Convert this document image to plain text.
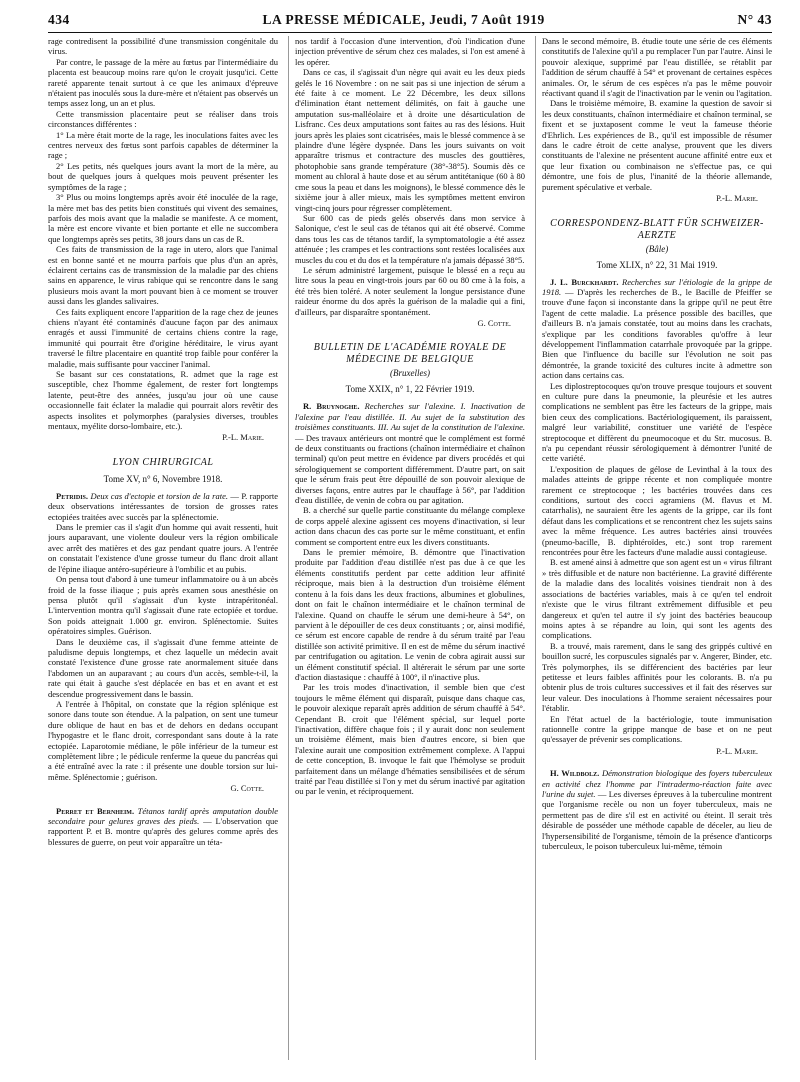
434	LA PRESSE MÉDICALE, Jeudi, 7 Août 1919	N° 43

rage contredisent la possibilité d'une transmission congénitale du virus.

Par contre, le passage de la mère au fœtus par l'intermédiaire du placenta est beaucoup moins rare qu'on le croyait jusqu'ici. Cette rareté apparente tenait surtout à ce que les animaux d'épreuve n'étaient pas inoculés sous la dure-mère et n'étaient pas observés un temps assez long, un an et plus.

Cette transmission placentaire peut se réaliser dans trois circonstances différentes :

1° La mère était morte de la rage, les inoculations faites avec les centres nerveux des fœtus sont parfois capables de déterminer la rage ;

2° Les petits, nés quelques jours avant la mort de la mère, au bout de quelques jours à quelques mois peuvent présenter les symptômes de la rage ;

3° Plus ou moins longtemps après avoir été inoculée de la rage, la mère met bas des petits bien constitués qui vivent des semaines, parfois des mois avant que la maladie se manifeste. A ce moment, la mère est encore vivante et bien portante et elle ne succombera que longtemps après ses petits, 38 jours dans un cas de R.

Ces faits de transmission de la rage in utero, alors que l'animal est en bonne santé et ne mourra parfois que plus d'un an après, éclairent certains cas de transmission de la maladie par des chiens sains en apparence, le virus rabique qui se rencontre dans le sang plusieurs mois avant la mort pouvant bien à ce moment se trouver aussi dans les glandes salivaires.

Ces faits expliquent encore l'apparition de la rage chez de jeunes chiens n'ayant été contaminés d'aucune façon par des animaux enragés et aussi l'immunité de certains chiens contre la rage, immunité qui pourrait être d'origine héréditaire, le virus ayant traversé le filtre placentaire en quantité trop faible pour conférer la maladie, mais suffisante pour vacciner l'animal.

Se basant sur ces constatations, R. admet que la rage est susceptible, chez l'homme également, de rester fort longtemps latente, peut-être des années, jusqu'au jour où une cause occasionnelle fait éclater la maladie qui pourrait alors revêtir des aspects insolites et polymorphes (paralysies diverses, troubles mentaux, myélite dorso-lombaire, etc.).

P.-L. Marie.
LYON CHIRURGICAL
Tome XV, n° 6, Novembre 1918.

Petridis. Deux cas d'ectopie et torsion de la rate. — P. rapporte deux observations intéressantes de torsion de grosses rates ectopiées traitées avec succès par la splénectomie.

Dans le premier cas il s'agit d'un homme qui avait ressenti, huit jours auparavant, une violente douleur vers la région ombilicale avec arrêt des matières et des gaz pendant quatre jours. A l'entrée on constatait l'existence d'une grosse tumeur du flanc droit allant de l'épine iliaque antéro-supérieure à l'ombilic et au pubis.

On pensa tout d'abord à une tumeur inflammatoire ou à un abcès froid de la fosse iliaque ; puis après examen sous anesthésie on pensa plutôt qu'il s'agissait d'un kyste intrapéritonéal. L'intervention montra qu'il s'agissait d'une rate ectopiée et tordue. Son poids atteignait 1.000 gr. environ. Splénectomie. Suites opératoires simples. Guérison.

Dans le deuxième cas, il s'agissait d'une femme atteinte de paludisme depuis longtemps, et chez laquelle un médecin avait constaté l'existence d'une grosse rate anormalement située dans l'abdomen un an auparavant ; au cours d'un accès, semble-t-il, la rate qui était à gauche s'est déplacée en bas et en avant et est descendue progressivement dans le bassin.

A l'entrée à l'hôpital, on constate que la région splénique est sonore dans toute son étendue. A la palpation, on sent une tumeur dure oblique de haut en bas et de dehors en dedans occupant l'hypogastre et le flanc droit, correspondant sans doute à la rate ectopiée. Laparotomie médiane, le pôle inférieur de la tumeur est complètement libre ; le pédicule renferme la queue du pancréas qui a été entraîné avec la rate : il présente une double torsion sur lui-même. Splénectomie ; guérison.

G. Cotte.

Perret et Bernheim. Tétanos tardif après amputation double secondaire pour gelures graves des pieds. — L'observation que rapportent P. et B. montre qu'après des gelures comme après des blessures de guerre, on peut voir apparaître un téta-

nos tardif à l'occasion d'une intervention, d'où l'indication d'une injection préventive de sérum chez ces malades, si l'on est amené à les opérer.

Dans ce cas, il s'agissait d'un nègre qui avait eu les deux pieds gelés le 16 Novembre : on ne sait pas si une injection de sérum a été faite à ce moment. Le 22 Décembre, les deux sillons d'élimination étant nettement délimités, on fait à gauche une amputation sus-malléolaire et à droite une désarticulation de Lisfranc. Ces deux amputations sont faites au ras des lésions. Huit jours après les plaies sont cicatrisées, mais le blessé commence à se plaindre d'une légère dyspnée. Dans les jours suivants on voit apparaître trismus et contracture des muscles des gouttières, photophobie sans grande température (38°-38°5). Soumis dès ce moment au chloral à haute dose et au sérum antitétanique (60 à 80 cme sous la peau et dans les moignons), le blessé commence dès le sixième jour à aller mieux, mais les symptômes mettent environ vingt-cinq jours pour régresser complètement.

Sur 600 cas de pieds gelés observés dans mon service à Salonique, c'est le seul cas de tétanos qui ait été observé. Comme dans tous les cas de tétanos tardif, la symptomatologie a été assez atténuée ; les crampes et les contractions sont restées localisées aux muscles du cou et du dos et la température n'a jamais dépassé 38°5.

Le sérum administré largement, puisque le blessé en a reçu au litre sous la peau en vingt-trois jours par 60 ou 80 cme à la fois, a été très bien toléré. A noter seulement la longue persistance d'une raideur énorme du dos après la guérison de la maladie qui a fini, d'ailleurs, par disparaître spontanément.

G. Cotte.
BULLETIN DE L'ACADÉMIE ROYALE DE MÉDECINE DE BELGIQUE
(Bruxelles)
Tome XXIX, n° 1, 22 Février 1919.

R. Bruynoghe. Recherches sur l'alexine. I. Inactivation de l'alexine par l'eau distillée. II. Au sujet de la substitution des troisièmes constituants. III. Au sujet de la constitution de l'alexine. — Des travaux antérieurs ont montré que le complément est formé de deux constituants ou fractions (chaînon intermédiaire et chaînon terminal) qu'on peut mettre en évidence par divers procédés et qui sérologiquement se comportent différemment. D'autre part, on sait que le sérum frais peut être dépouillé de son pouvoir alexique de diverses façons, entre autres par le chauffage à 56°, par l'addition d'eau distillée, de venin de cobra ou par agitation.

B. a cherché sur quelle partie constituante du mélange complexe de corps appelé alexine agissent ces moyens d'inactivation, si leur action dans chacun des cas porte sur le même constituant, et enfin comment se comportent entre eux les divers constituants.

Dans le premier mémoire, B. démontre que l'inactivation produite par l'addition d'eau distillée n'est pas due à ce que les éléments constitutifs perdent par cette addition leur affinité réciproque, mais bien à la destruction d'un troisième élément contenu à la fois dans les deux fractions, albumines et globulines, dont on fait le chaînon intermédiaire et le chaînon terminal de l'alexine. Quand on chauffe le sérum une demi-heure à 54°, on parvient à le dépouiller de ces deux constituants ; or, ainsi modifié, ce sérum est encore capable de rendre à du sérum traité par l'eau distillée son activité primitive. Il en est de même du sérum inactivé par centrifugation ou agitation. Le venin de cobra agirait aussi sur un élément constitutif spécial. Il altérerait le sérum par une sorte d'action diastasique : chauffé à 100°, il n'inactive plus.

Par les trois modes d'inactivation, il semble bien que c'est toujours le même élément qui disparaît, puisque dans chaque cas, le pouvoir alexique reparaît après addition de sérum chauffé à 54°. Cependant B. croit que l'élément spécial, sur lequel porte l'inactivation, diffère chaque fois ; il y aurait donc non seulement un troisième élément, mais bien d'autres encore, si bien que l'alexine aurait une composition extrêmement complexe. A l'appui de cette conception, B. invoque le fait que l'hémolyse se produit parfaitement dans un mélange d'hématies sensibilisées et de sérum traité par l'eau distillée si l'on y met du sérum inactivé par agitation ou par le venin, et réciproquement.

Dans le second mémoire, B. étudie toute une série de ces éléments constitutifs de l'alexine qu'il a pu remplacer l'un par l'autre. Ainsi le pouvoir alexique, supprimé par l'eau distillée, se rétablit par l'addition de sérum chauffé à 54° et provenant de certaines espèces animales. Or, le sérum de ces espèces n'a pas le même pouvoir réactivant quand il s'agit de l'inactivation par le venin ou l'agitation.

Dans le troisième mémoire, B. examine la question de savoir si les deux constituants, chaînon intermédiaire et chaînon terminal, se fixent et se juxtaposent comme le veut la fameuse théorie d'Ehrlich. Les expériences de B., qu'il est impossible de résumer dans le cadre étroit de cette analyse, prouvent que les divers constituants de l'alexine ne présentent aucune affinité entre eux et que leur fixation ou combinaison ne s'effectue pas, ce qui démontre, une fois de plus, l'inanité de la théorie allemande, purement spéculative et verbale.

P.-L. Marie.
CORRESPONDENZ-BLATT FÜR SCHWEIZER-AERZTE
(Bâle)
Tome XLIX, n° 22, 31 Mai 1919.

J. L. Burckhardt. Recherches sur l'étiologie de la grippe de 1918. — D'après les recherches de B., le Bacille de Pfeiffer se trouve d'une façon si inconstante dans la grippe qu'il ne peut être l'agent de cette maladie. La présence possible des bacilles, que d'ailleurs B. n'a jamais constatée, tout au moins dans les crachats, s'explique par les conditions favorables qu'offre à leur développement l'inflammation catarrhale provoquée par la grippe. Bien que l'influence du bacille sur l'évolution ne soit pas démontrée, la grande toxicité des cultures incite à admettre son action dans certains cas.

Les diplostreptocoques qu'on trouve presque toujours et souvent en culture pure dans la pneumonie, la pleurésie et les autres complications ne semblent pas être les facteurs de la grippe, mais bien ceux des complications. Bactériologiquement, ils paraissent, malgré leur variabilité, constituer une variété de l'espèce streptocoque et diffèrent du pneumocoque et du Str. mucosus. B. n'a pu cependant réussir sérologiquement à démontrer l'unité de cette variété.

L'exposition de plaques de gélose de Levinthal à la toux des malades atteints de grippe récente et non compliquée montre rarement ce streptocoque ; les bactéries trouvées dans ces conditions, surtout des cocci agramiens (M. flavus et M. catarrhalis), ne sauraient être les agents de la grippe, car ils font défaut dans les complications et se rencontrent chez les sujets sains avec la même fréquence. Les autres bactéries ainsi trouvées (pneumo-bacille, B. diphtéroïdes, etc.) sont trop rarement rencontrées pour être les facteurs d'une maladie aussi contagieuse.

B. est amené ainsi à admettre que son agent est un « virus filtrant » très diffusible et de nature non bactérienne. La gravité différente de la maladie dans des localités voisines tiendrait non à des associations de bactéries variables, mais à ce qu'en tel endroit n'existe que le virus filtrant extrêmement diffusible et peu dangereux et qu'en tel autre il s'y joint des bactéries beaucoup moins aptes à se répandre au loin, qui sont les agents des complications.

B. a trouvé, mais rarement, dans le sang des grippés cultivé en bouillon sucré, les corpuscules signalés par v. Angerer, Binder, etc. Très polymorphes, ils se différencient des bactéries par leur petitesse et leurs faibles affinités pour les colorants. B. n'a pu obtenir plus de trois cultures successives et il fait des réserves sur leur valeur. Des inoculations à l'homme seraient nécessaires pour l'établir.

En l'état actuel de la bactériologie, toute immunisation rationnelle contre la grippe manque de base et on ne peut qu'essayer de prévenir ses complications.

P.-L. Marie.

H. Wildbolz. Démonstration biologique des foyers tuberculeux en activité chez l'homme par l'intradermo-réaction faite avec l'urine du sujet. — Les diverses épreuves à la tuberculine montrent que l'organisme recèle ou non un foyer tuberculeux, mais ne permettent pas de dire s'il est en activité ou éteint. Il serait très désirable de posséder une méthode capable de déceler, au lieu de l'hypersensibilité de l'organisme, témoin de la présence d'anticorps tuberculeux, le poison tuberculeux lui-même, témoin
